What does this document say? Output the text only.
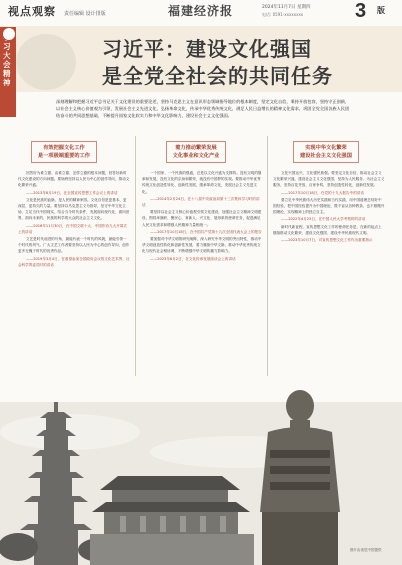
视点观察 责任编辑 设计排版	福建经济报	2024年11月7日 星期四
电话: 0591-xxxxxxxx	3 版
习大会精神
习近平：建设文化强国
是全党全社会的共同任务

深刻理解和把握习近平总书记关于文化建设的重要论述，坚持马克思主义在意识形态领域指导地位的根本制度，坚定文化自信，秉持开放包容，坚持守正创新，以社会主义核心价值观为引领，发展社会主义先进文化，弘扬革命文化，传承中华优秀传统文化，满足人民日益增长的精神文化需求，巩固全党全国各族人民团结奋斗的共同思想基础，不断提升国家文化软实力和中华文化影响力，建设社会主义文化强国。

有效把握文化工作
是一项极端重要的工作
着力推动繁荣发展
文化事业和文化产业
实现中华文化繁荣
建设社会主义文化强国

回答好为谁立德、由谁立德、怎样立德的根本问题，回答好新时代文化建设的方向问题。要始终坚持以人民为中心的创作导向，推动文化繁荣兴盛。

——2013年8月19日，在全国宣传思想工作会议上的讲话

文化是民族的血脉，是人民的精神家园。文化自信是更基本、更深层、更持久的力量。要坚持以马克思主义为指导，坚守中华文化立场，立足当代中国现实，结合当今时代条件，发展面向现代化、面向世界、面向未来的，民族的科学的大众的社会主义文化。

——2016年11月30日，在中国文联十大、中国作协九大开幕式上的讲话

文艺是时代前进的号角，最能代表一个时代的风貌，最能引领一个时代的风气。广大文艺工作者要坚持以人民为中心的创作导向，创作更多无愧于时代的优秀作品。

——2019年3月4日，在看望参加全国政协会议的文化艺术界、社会科学界委员时的讲话

一个国家、一个民族的强盛，总是以文化兴盛为支撑的。没有文明的继承和发展，没有文化的弘扬和繁荣，就没有中国梦的实现。要推动中华优秀传统文化创造性转化、创新性发展，继承革命文化，发展社会主义先进文化。

——2014年2月24日，在十八届中央政治局第十三次集体学习时的讲话

要坚持以社会主义核心价值观引领文化建设，加强社会主义精神文明建设，围绕举旗帜、聚民心、育新人、兴文化、展形象的使命任务，促进满足人民文化需求和增强人民精神力量相统一。

——2017年10月18日，在中国共产党第十九次全国代表大会上的报告

要加强对中华文明的研究阐释，深入研究中华文明的突出特性，推动中华文明创造性转化和创新性发展，着力赓续中华文脉，推动中华优秀传统文化与现代社会相协调，不断增强中华文明传播力影响力。

——2023年6月2日，在文化传承发展座谈会上的讲话

文化兴国运兴，文化强民族强。要坚定文化自信，推动社会主义文化繁荣兴盛，建设社会主义文化强国，坚持为人民服务、为社会主义服务，坚持百花齐放、百家争鸣，坚持创造性转化、创新性发展。

——2017年10月18日，在党的十九大报告中的讲话

要立足中华民族伟大历史实践和当代实践，用中国道理总结好中国经验，把中国经验提升为中国理论，既不盲从各种教条，也不照搬外国理论，实现精神上的独立自主。

——2022年4月25日，在中国人民大学考察时的讲话

新时代新征程，宣传思想文化工作的使命任务是，在新的起点上继续推动文化繁荣、建设文化强国、建设中华民族现代文明。

——2023年10月7日，对宣传思想文化工作作出重要指示

图片由视觉中国提供
